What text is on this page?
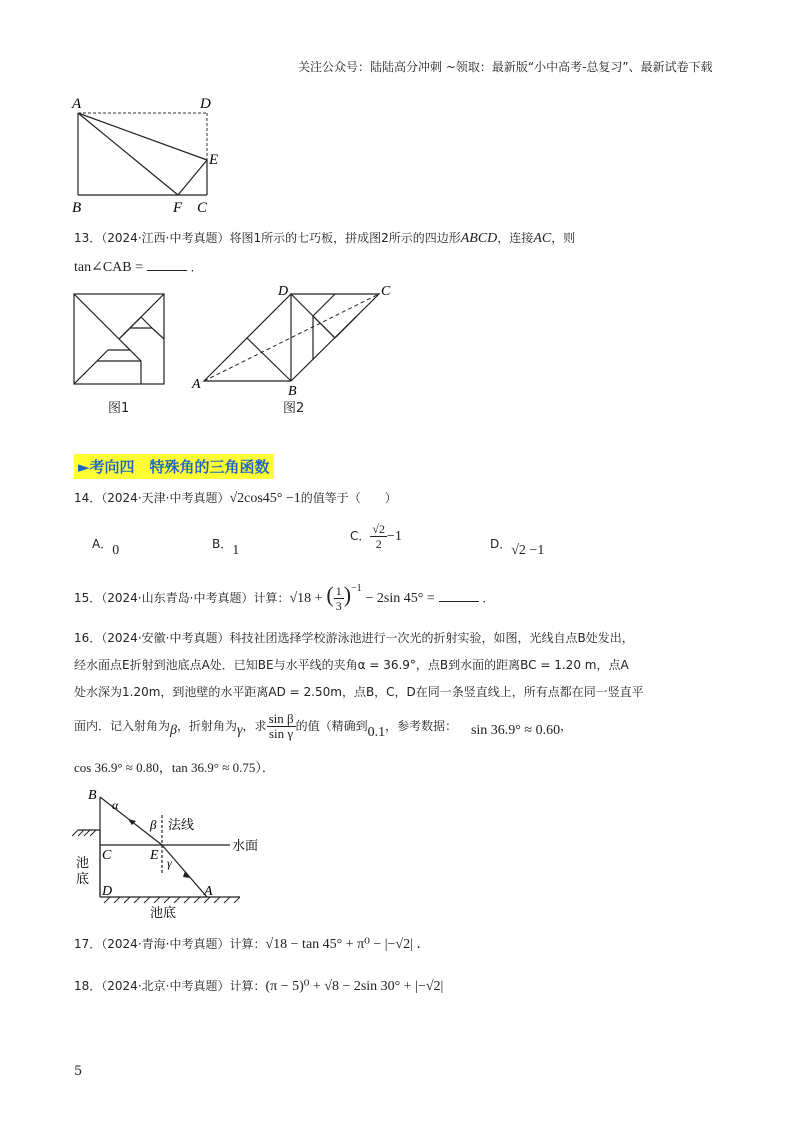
关注公众号：陆陆高分冲刺 ~领取：最新版“小中高考-总复习”、最新试卷下载
A	D
E
B	F C
13．（2024·江西·中考真题）将图1所示的七巧板，拼成图2所示的四边形ABCD，连接AC，则
tan∠CAB =	．
图1
D	C
A	B
图2
►考向四　特殊角的三角函数
14．（2024·天津·中考真题）√2cos45° −1的值等于（　　）
A．0	B．1
C． $\frac{√2}{2} -1$	D．√2 −1
15．（2024·山东青岛·中考真题）计算：√18 + ( $\frac{1}{3} )^{-1} - 2\sin$ 45° =	．
16．（2024·安徽·中考真题）科技社团选择学校游泳池进行一次光的折射实验，如图，光线自点B处发出，
经水面点E折射到池底点A处．已知BE与水平线的夹角α = 36.9°，点B到水面的距离BC = 1.20 m，点A
处水深为1.20m，到池壁的水平距离AD = 2.50m，点B，C，D在同一条竖直线上，所有点都在同一竖直平
面内．记入射角为β，折射角为γ，求 $\frac{\text{sin β}}{\text{sin γ}}$ 的值（精确到0.1，参考数据： sin 36.9° ≈ 0.60，
cos 36.9° ≈ 0.80，tan 36.9° ≈ 0.75）．
B
α
β 法线
水面
C	E γ
池
底
D	A
池底
17．（2024·青海·中考真题）计算：√18 − tan 45° + π⁰ − |−√2| ．
18．（2024·北京·中考真题）计算：(π − 5)⁰ + √8 − 2sin 30° + |−√2|
5
